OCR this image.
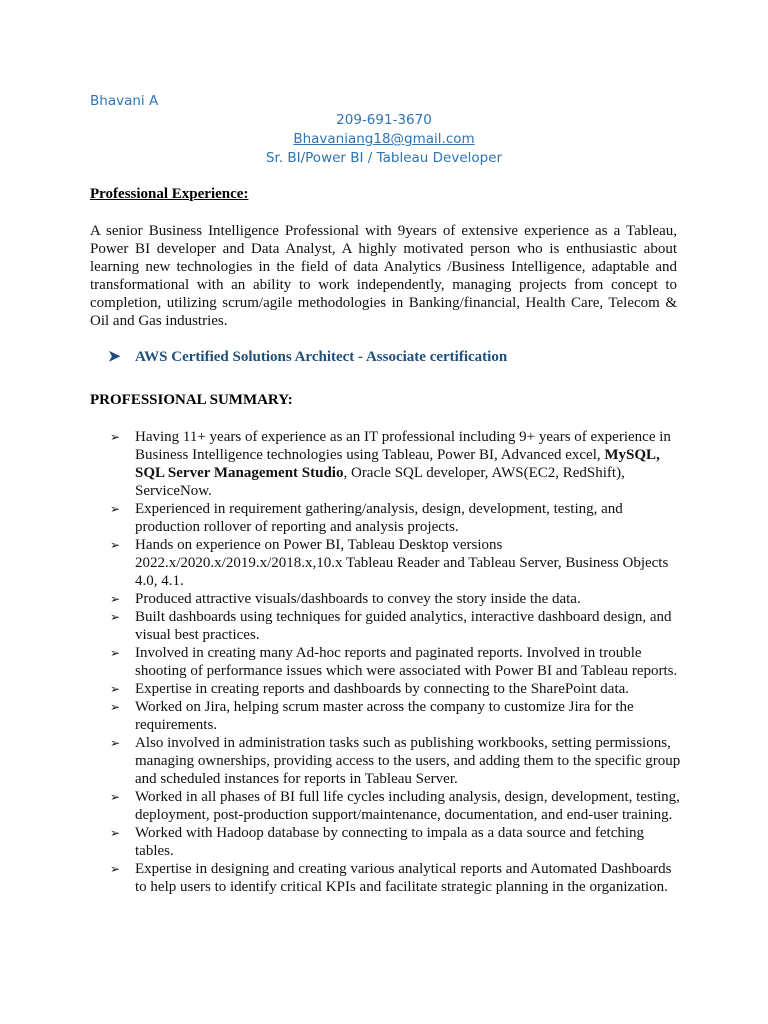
Bhavani A
209-691-3670
Bhavaniang18@gmail.com
Sr. BI/Power BI / Tableau Developer
Professional Experience:
A senior Business Intelligence Professional with 9years of extensive experience as a Tableau, Power BI developer and Data Analyst, A highly motivated person who is enthusiastic about learning new technologies in the field of data Analytics /Business Intelligence, adaptable and transformational with an ability to work independently, managing projects from concept to completion, utilizing scrum/agile methodologies in Banking/financial, Health Care, Telecom & Oil and Gas industries.
➤ AWS Certified Solutions Architect - Associate certification
PROFESSIONAL SUMMARY:
➢ Having 11+ years of experience as an IT professional including 9+ years of experience in Business Intelligence technologies using Tableau, Power BI, Advanced excel, MySQL, SQL Server Management Studio, Oracle SQL developer, AWS(EC2, RedShift), ServiceNow.
➢ Experienced in requirement gathering/analysis, design, development, testing, and production rollover of reporting and analysis projects.
➢ Hands on experience on Power BI, Tableau Desktop versions 2022.x/2020.x/2019.x/2018.x,10.x Tableau Reader and Tableau Server, Business Objects 4.0, 4.1.
➢ Produced attractive visuals/dashboards to convey the story inside the data.
➢ Built dashboards using techniques for guided analytics, interactive dashboard design, and visual best practices.
➢ Involved in creating many Ad-hoc reports and paginated reports. Involved in trouble shooting of performance issues which were associated with Power BI and Tableau reports.
➢ Expertise in creating reports and dashboards by connecting to the SharePoint data.
➢ Worked on Jira, helping scrum master across the company to customize Jira for the requirements.
➢ Also involved in administration tasks such as publishing workbooks, setting permissions, managing ownerships, providing access to the users, and adding them to the specific group and scheduled instances for reports in Tableau Server.
➢ Worked in all phases of BI full life cycles including analysis, design, development, testing, deployment, post-production support/maintenance, documentation, and end-user training.
➢ Worked with Hadoop database by connecting to impala as a data source and fetching tables.
➢ Expertise in designing and creating various analytical reports and Automated Dashboards to help users to identify critical KPIs and facilitate strategic planning in the organization.
